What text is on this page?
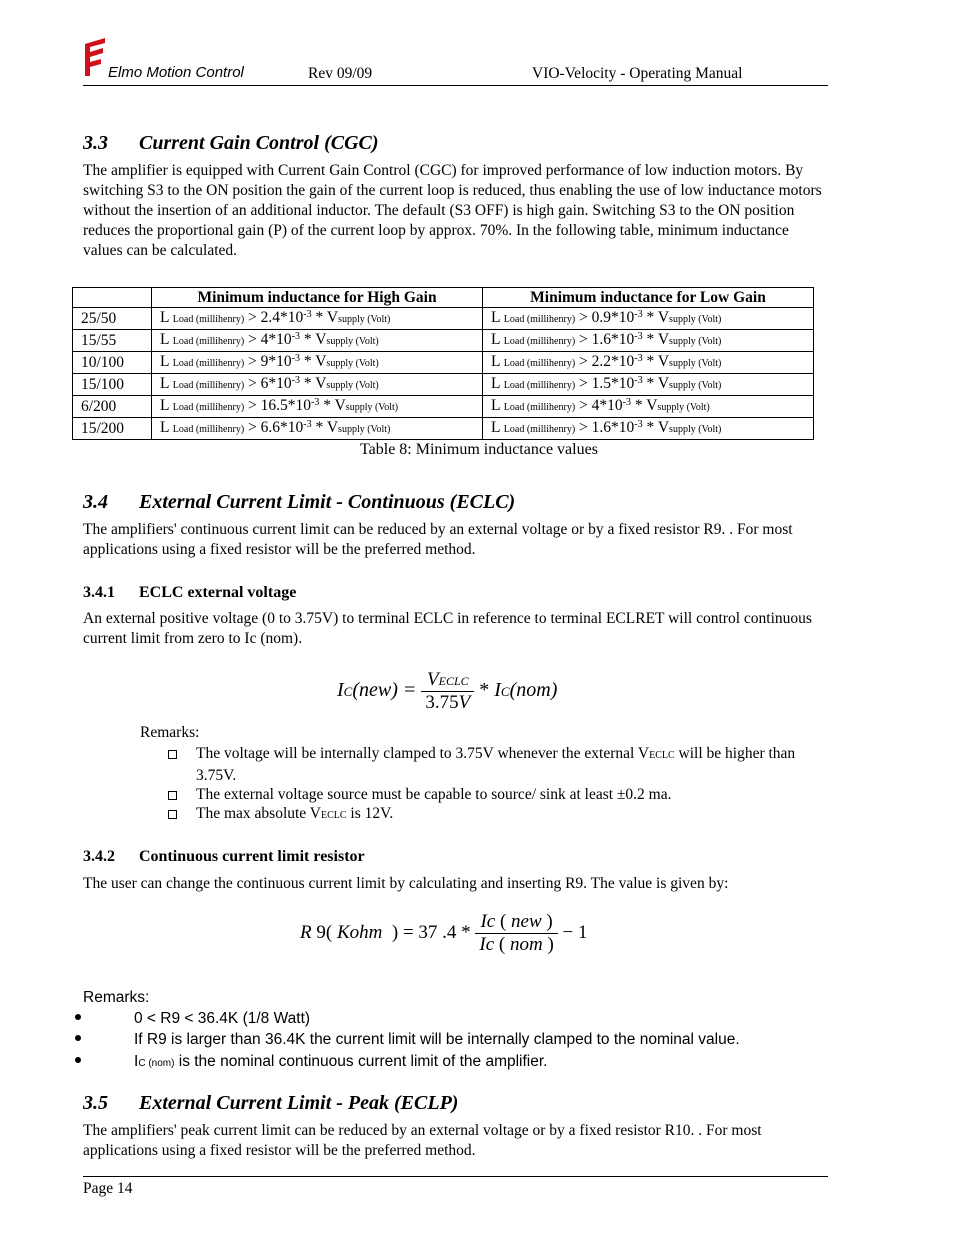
Elmo Motion Control	Rev 09/09	VIO-Velocity - Operating Manual
3.3 Current Gain Control (CGC)

The amplifier is equipped with Current Gain Control (CGC) for improved performance of low induction motors. By switching S3 to the ON position the gain of the current loop is reduced, thus enabling the use of low inductance motors without the insertion of an additional inductor. The default (S3 OFF) is high gain. Switching S3 to the ON position reduces the proportional gain (P) of the current loop by approx. 70%. In the following table, minimum inductance values can be calculated.

	Minimum inductance for High Gain	Minimum inductance for Low Gain
25/50	L Load (millihenry) > $2.4*10^{-3}$ * Vsupply (Volt)	L Load (millihenry) > $0.9*10^{-3}$ * Vsupply (Volt)
15/55	L Load (millihenry) > $4*10^{-3}$ * Vsupply (Volt)	L Load (millihenry) > $1.6*10^{-3}$ * Vsupply (Volt)
10/100	L Load (millihenry) > $9*10^{-3}$ * Vsupply (Volt)	L Load (millihenry) > $2.2*10^{-3}$ * Vsupply (Volt)
15/100	L Load (millihenry) > $6*10^{-3}$ * Vsupply (Volt)	L Load (millihenry) > $1.5*10^{-3}$ * Vsupply (Volt)
6/200	L Load (millihenry) > $16.5*10^{-3}$ * Vsupply (Volt)	L Load (millihenry) > $4*10^{-3}$ * Vsupply (Volt)
15/200	L Load (millihenry) > $6.6*10^{-3}$ * Vsupply (Volt)	L Load (millihenry) > $1.6*10^{-3}$ * Vsupply (Volt)
Table 8: Minimum inductance values
3.4 External Current Limit - Continuous (ECLC)

The amplifiers' continuous current limit can be reduced by an external voltage or by a fixed resistor R9. . For most applications using a fixed resistor will be the preferred method.

3.4.1 ECLC external voltage

An external positive voltage (0 to 3.75V) to terminal ECLC in reference to terminal ECLRET will control continuous current limit from zero to Ic (nom).

$IC(new) = \frac{\text{VECLC}}{3.75V} * IC(nom)$
Remarks:
The voltage will be internally clamped to 3.75V whenever the external VECLC will be higher than 3.75V.
The external voltage source must be capable to source/ sink at least ±0.2 ma.
The max absolute VECLC is 12V.
3.4.2 Continuous current limit resistor

The user can change the continuous current limit by calculating and inserting R9. The value is given by:

R 9( Kohm  ) = 37 $.4 * \frac{\text{Ic ( new )}}{\text{Ic ( nom )}} - 1$
Remarks:
0 < R9 < 36.4K (1/8 Watt)
If R9 is larger than 36.4K the current limit will be internally clamped to the nominal value.
IC (nom) is the nominal continuous current limit of the amplifier.
3.5 External Current Limit - Peak (ECLP)

The amplifiers' peak current limit can be reduced by an external voltage or by a fixed resistor R10. . For most applications using a fixed resistor will be the preferred method.

Page 14
